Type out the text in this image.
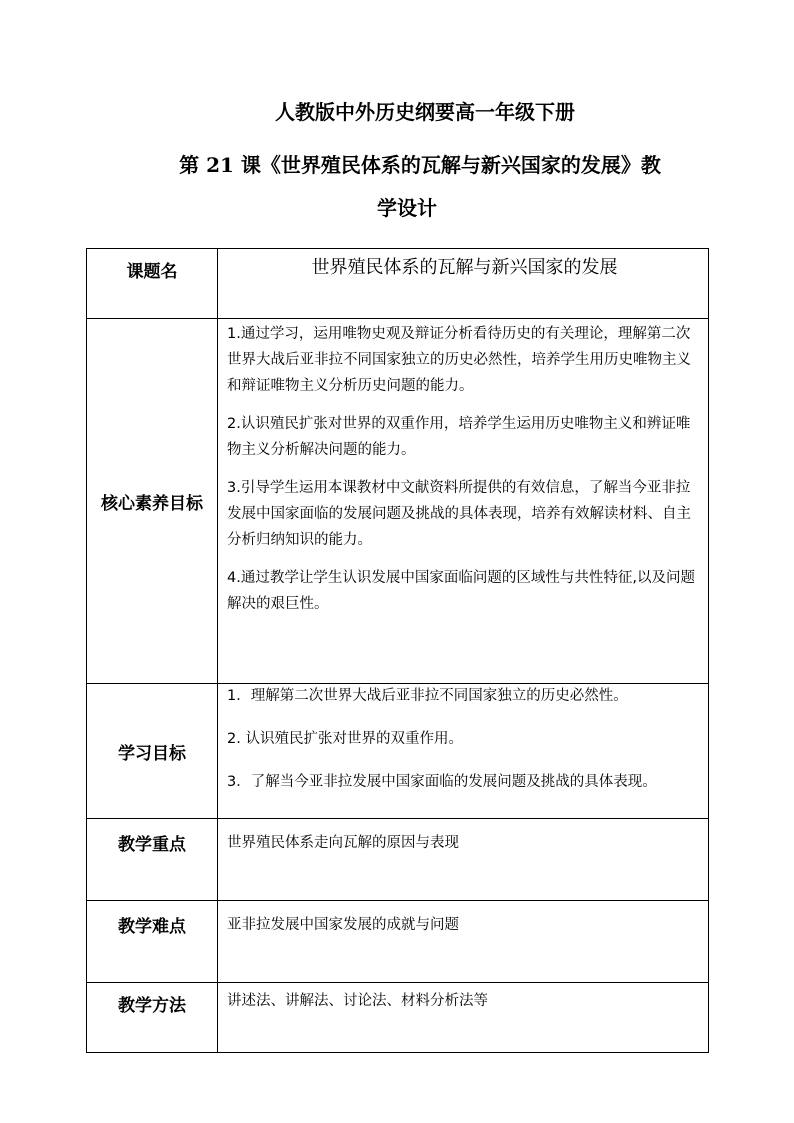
人教版中外历史纲要高一年级下册
第 21 课《世界殖民体系的瓦解与新兴国家的发展》教
学设计
课题名	世界殖民体系的瓦解与新兴国家的发展

核心素养目标	1.通过学习，运用唯物史观及辩证分析看待历史的有关理论，理解第二次世界大战后亚非拉不同国家独立的历史必然性，培养学生用历史唯物主义和辩证唯物主义分析历史问题的能力。

2.认识殖民扩张对世界的双重作用，培养学生运用历史唯物主义和辨证唯物主义分析解决问题的能力。

3.引导学生运用本课教材中文献资料所提供的有效信息，了解当今亚非拉发展中国家面临的发展问题及挑战的具体表现，培养有效解读材料、自主分析归纳知识的能力。

4.通过教学让学生认识发展中国家面临问题的区域性与共性特征,以及问题解决的艰巨性。

学习目标	1．理解第二次世界大战后亚非拉不同国家独立的历史必然性。

2. 认识殖民扩张对世界的双重作用。

3．了解当今亚非拉发展中国家面临的发展问题及挑战的具体表现。

教学重点	世界殖民体系走向瓦解的原因与表现
教学难点	亚非拉发展中国家发展的成就与问题
教学方法	讲述法、讲解法、讨论法、材料分析法等
